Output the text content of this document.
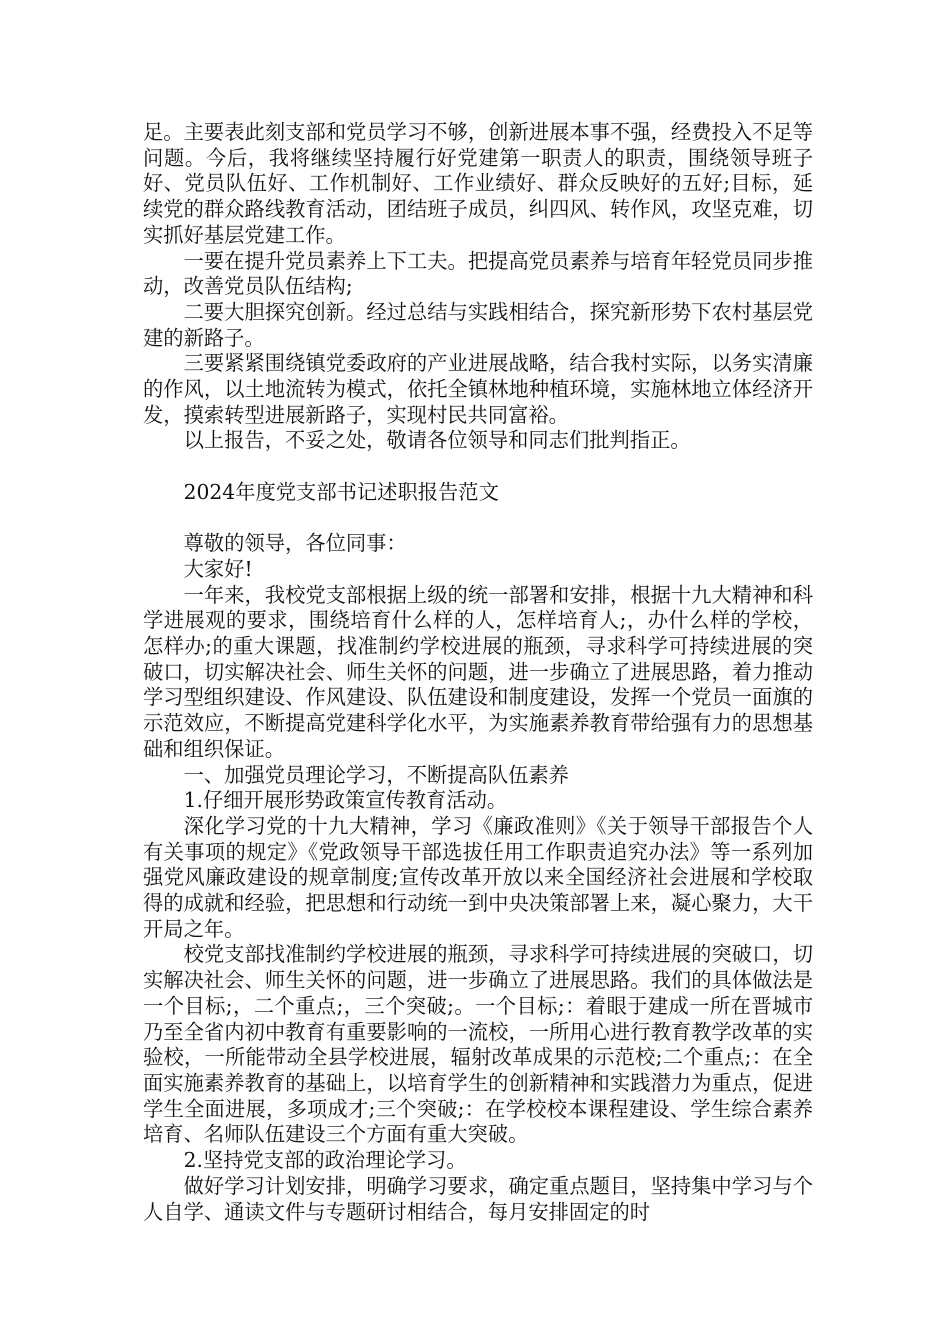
足。主要表此刻支部和党员学习不够，创新进展本事不强，经费投入不足等问题。今后，我将继续坚持履行好党建第一职责人的职责，围绕领导班子好、党员队伍好、工作机制好、工作业绩好、群众反映好的五好;目标，延续党的群众路线教育活动，团结班子成员，纠四风、转作风，攻坚克难，切实抓好基层党建工作。

一要在提升党员素养上下工夫。把提高党员素养与培育年轻党员同步推动，改善党员队伍结构;

二要大胆探究创新。经过总结与实践相结合，探究新形势下农村基层党建的新路子。

三要紧紧围绕镇党委政府的产业进展战略，结合我村实际，以务实清廉的作风，以土地流转为模式，依托全镇林地种植环境，实施林地立体经济开发，摸索转型进展新路子，实现村民共同富裕。

以上报告，不妥之处，敬请各位领导和同志们批判指正。

2024年度党支部书记述职报告范文

尊敬的领导，各位同事：

大家好!

一年来，我校党支部根据上级的统一部署和安排，根据十九大精神和科学进展观的要求，围绕培育什么样的人，怎样培育人;，办什么样的学校，怎样办;的重大课题，找准制约学校进展的瓶颈，寻求科学可持续进展的突破口，切实解决社会、师生关怀的问题，进一步确立了进展思路，着力推动学习型组织建设、作风建设、队伍建设和制度建设，发挥一个党员一面旗的示范效应，不断提高党建科学化水平，为实施素养教育带给强有力的思想基础和组织保证。

一、加强党员理论学习，不断提高队伍素养

1.仔细开展形势政策宣传教育活动。

深化学习党的十九大精神，学习《廉政准则》《关于领导干部报告个人有关事项的规定》《党政领导干部选拔任用工作职责追究办法》等一系列加强党风廉政建设的规章制度;宣传改革开放以来全国经济社会进展和学校取得的成就和经验，把思想和行动统一到中央决策部署上来，凝心聚力，大干开局之年。

校党支部找准制约学校进展的瓶颈，寻求科学可持续进展的突破口，切实解决社会、师生关怀的问题，进一步确立了进展思路。我们的具体做法是一个目标;，二个重点;，三个突破;。一个目标;：着眼于建成一所在晋城市乃至全省内初中教育有重要影响的一流校，一所用心进行教育教学改革的实验校，一所能带动全县学校进展，辐射改革成果的示范校;二个重点;：在全面实施素养教育的基础上，以培育学生的创新精神和实践潜力为重点，促进学生全面进展，多项成才;三个突破;：在学校校本课程建设、学生综合素养培育、名师队伍建设三个方面有重大突破。

2.坚持党支部的政治理论学习。

做好学习计划安排，明确学习要求，确定重点题目，坚持集中学习与个人自学、通读文件与专题研讨相结合，每月安排固定的时
